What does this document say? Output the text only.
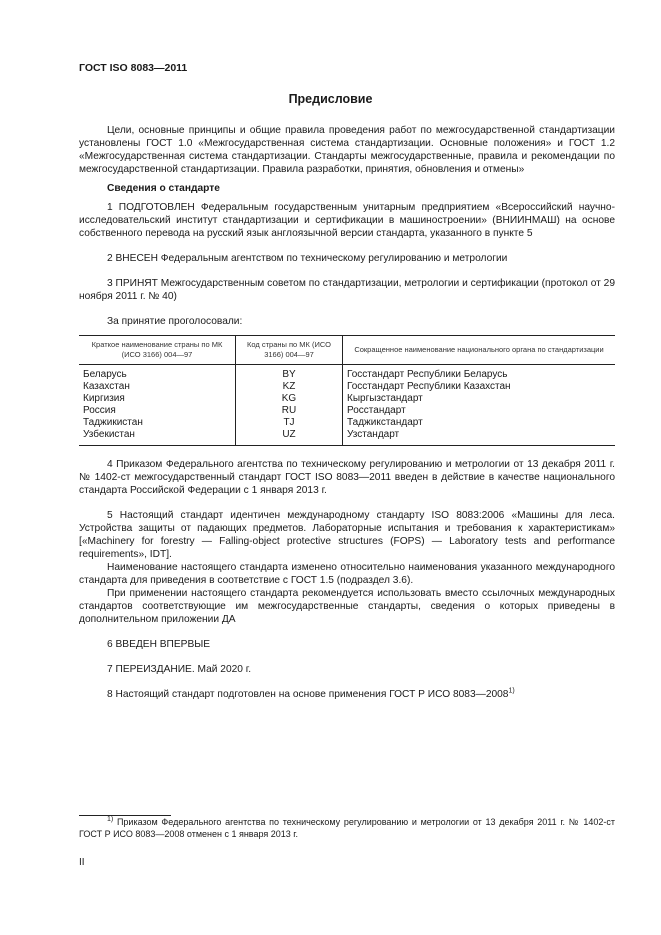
ГОСТ ISO 8083—2011
Предисловие

Цели, основные принципы и общие правила проведения работ по межгосударственной стандартизации установлены ГОСТ 1.0 «Межгосударственная система стандартизации. Основные положения» и ГОСТ 1.2 «Межгосударственная система стандартизации. Стандарты межгосударственные, правила и рекомендации по межгосударственной стандартизации. Правила разработки, принятия, обновления и отмены»

Сведения о стандарте

1 ПОДГОТОВЛЕН Федеральным государственным унитарным предприятием «Всероссийский научно-исследовательский институт стандартизации и сертификации в машиностроении» (ВНИИНМАШ) на основе собственного перевода на русский язык англоязычной версии стандарта, указанного в пункте 5

2 ВНЕСЕН Федеральным агентством по техническому регулированию и метрологии

3 ПРИНЯТ Межгосударственным советом по стандартизации, метрологии и сертификации (протокол от 29 ноября 2011 г. № 40)

За принятие проголосовали:

Краткое наименование страны по МК (ИСО 3166) 004—97	Код страны по МК (ИСО 3166) 004—97	Сокращенное наименование национального органа по стандартизации
Беларусь	BY	Госстандарт Республики Беларусь
Казахстан	KZ	Госстандарт Республики Казахстан
Киргизия	KG	Кыргызстандарт
Россия	RU	Росстандарт
Таджикистан	TJ	Таджикстандарт
Узбекистан	UZ	Узстандарт

4 Приказом Федерального агентства по техническому регулированию и метрологии от 13 декабря 2011 г. № 1402-ст межгосударственный стандарт ГОСТ ISO 8083—2011 введен в действие в качестве национального стандарта Российской Федерации с 1 января 2013 г.

5 Настоящий стандарт идентичен международному стандарту ISO 8083:2006 «Машины для леса. Устройства защиты от падающих предметов. Лабораторные испытания и требования к характеристикам» [«Machinery for forestry — Falling-object protective structures (FOPS) — Laboratory tests and performance requirements», IDT].

Наименование настоящего стандарта изменено относительно наименования указанного международного стандарта для приведения в соответствие с ГОСТ 1.5 (подраздел 3.6).

При применении настоящего стандарта рекомендуется использовать вместо ссылочных международных стандартов соответствующие им межгосударственные стандарты, сведения о которых приведены в дополнительном приложении ДА

6 ВВЕДЕН ВПЕРВЫЕ

7 ПЕРЕИЗДАНИЕ. Май 2020 г.

8 Настоящий стандарт подготовлен на основе применения ГОСТ Р ИСО 8083—2008$^{1)}$

$^{1)}$ Приказом Федерального агентства по техническому регулированию и метрологии от 13 декабря 2011 г. № 1402-ст ГОСТ Р ИСО 8083—2008 отменен с 1 января 2013 г.
II
